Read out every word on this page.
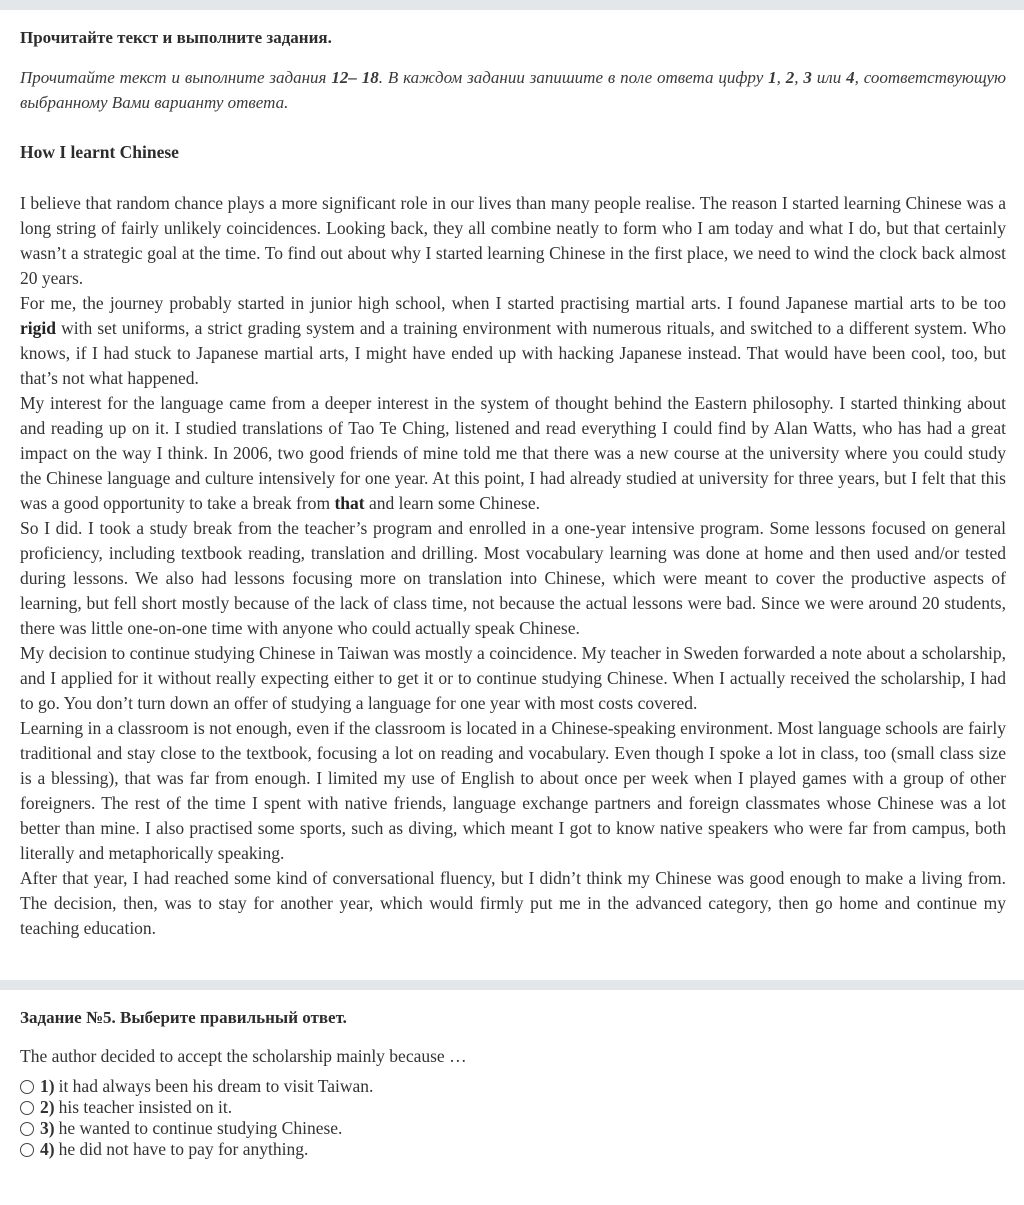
Прочитайте текст и выполните задания.

Прочитайте текст и выполните задания 12– 18. В каждом задании запишите в поле ответа цифру 1, 2, 3 или 4, соответствующую выбранному Вами варианту ответа.

How I learnt Chinese

I believe that random chance plays a more significant role in our lives than many people realise. The reason I started learning Chinese was a long string of fairly unlikely coincidences. Looking back, they all combine neatly to form who I am today and what I do, but that certainly wasn’t a strategic goal at the time. To find out about why I started learning Chinese in the first place, we need to wind the clock back almost 20 years.

For me, the journey probably started in junior high school, when I started practising martial arts. I found Japanese martial arts to be too rigid with set uniforms, a strict grading system and a training environment with numerous rituals, and switched to a different system. Who knows, if I had stuck to Japanese martial arts, I might have ended up with hacking Japanese instead. That would have been cool, too, but that’s not what happened.

My interest for the language came from a deeper interest in the system of thought behind the Eastern philosophy. I started thinking about and reading up on it. I studied translations of Tao Te Ching, listened and read everything I could find by Alan Watts, who has had a great impact on the way I think. In 2006, two good friends of mine told me that there was a new course at the university where you could study the Chinese language and culture intensively for one year. At this point, I had already studied at university for three years, but I felt that this was a good opportunity to take a break from that and learn some Chinese.

So I did. I took a study break from the teacher’s program and enrolled in a one-year intensive program. Some lessons focused on general proficiency, including textbook reading, translation and drilling. Most vocabulary learning was done at home and then used and/or tested during lessons. We also had lessons focusing more on translation into Chinese, which were meant to cover the productive aspects of learning, but fell short mostly because of the lack of class time, not because the actual lessons were bad. Since we were around 20 students, there was little one-on-one time with anyone who could actually speak Chinese.

My decision to continue studying Chinese in Taiwan was mostly a coincidence. My teacher in Sweden forwarded a note about a scholarship, and I applied for it without really expecting either to get it or to continue studying Chinese. When I actually received the scholarship, I had to go. You don’t turn down an offer of studying a language for one year with most costs covered.

Learning in a classroom is not enough, even if the classroom is located in a Chinese-speaking environment. Most language schools are fairly traditional and stay close to the textbook, focusing a lot on reading and vocabulary. Even though I spoke a lot in class, too (small class size is a blessing), that was far from enough. I limited my use of English to about once per week when I played games with a group of other foreigners. The rest of the time I spent with native friends, language exchange partners and foreign classmates whose Chinese was a lot better than mine. I also practised some sports, such as diving, which meant I got to know native speakers who were far from campus, both literally and metaphorically speaking.

After that year, I had reached some kind of conversational fluency, but I didn’t think my Chinese was good enough to make a living from. The decision, then, was to stay for another year, which would firmly put me in the advanced category, then go home and continue my teaching education.

Задание №5. Выберите правильный ответ.

The author decided to accept the scholarship mainly because …

1) it had always been his dream to visit Taiwan.
2) his teacher insisted on it.
3) he wanted to continue studying Chinese.
4) he did not have to pay for anything.
